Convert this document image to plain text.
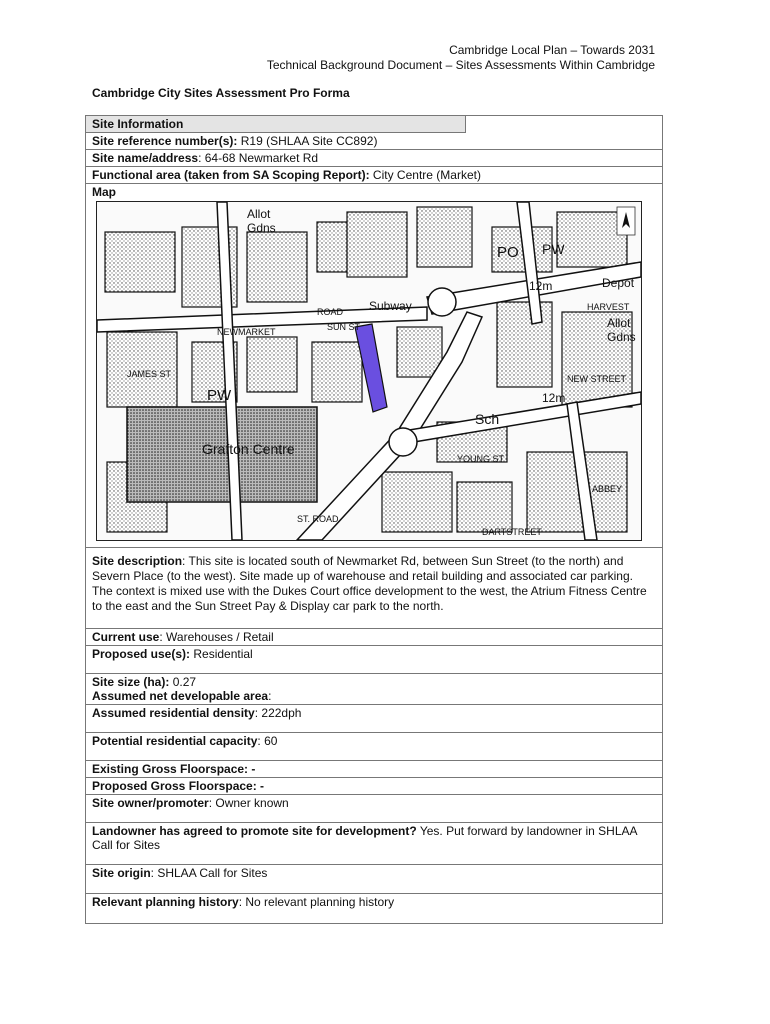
Cambridge Local Plan – Towards 2031
Technical Background Document – Sites Assessments Within Cambridge
Cambridge City Sites Assessment Pro Forma
Site Information
Site reference number(s): R19 (SHLAA Site CC892)
Site name/address: 64-68 Newmarket Rd
Functional area (taken from SA Scoping Report): City Centre (Market)
Map
Allot
Gdns
PO PW
Depot
12m
Subway
NEWMARKET
ROAD
SUN ST
PW
Grafton Centre
Sch
12m
Allot
Gdns
YOUNG ST
ST. ROAD
DARTSTREET
HARVEST
NEW STREET
JAMES ST
ABBEY
Site description: This site is located south of Newmarket Rd, between Sun Street (to the north) and Severn Place (to the west). Site made up of warehouse and retail building and associated car parking. The context is mixed use with the Dukes Court office development to the west, the Atrium Fitness Centre to the east and the Sun Street Pay & Display car park to the north.
Current use: Warehouses / Retail
Proposed use(s): Residential
Site size (ha): 0.27
Assumed net developable area:
Assumed residential density: 222dph
Potential residential capacity: 60
Existing Gross Floorspace: -
Proposed Gross Floorspace: -
Site owner/promoter: Owner known
Landowner has agreed to promote site for development? Yes. Put forward by landowner in SHLAA Call for Sites
Site origin: SHLAA Call for Sites
Relevant planning history: No relevant planning history
